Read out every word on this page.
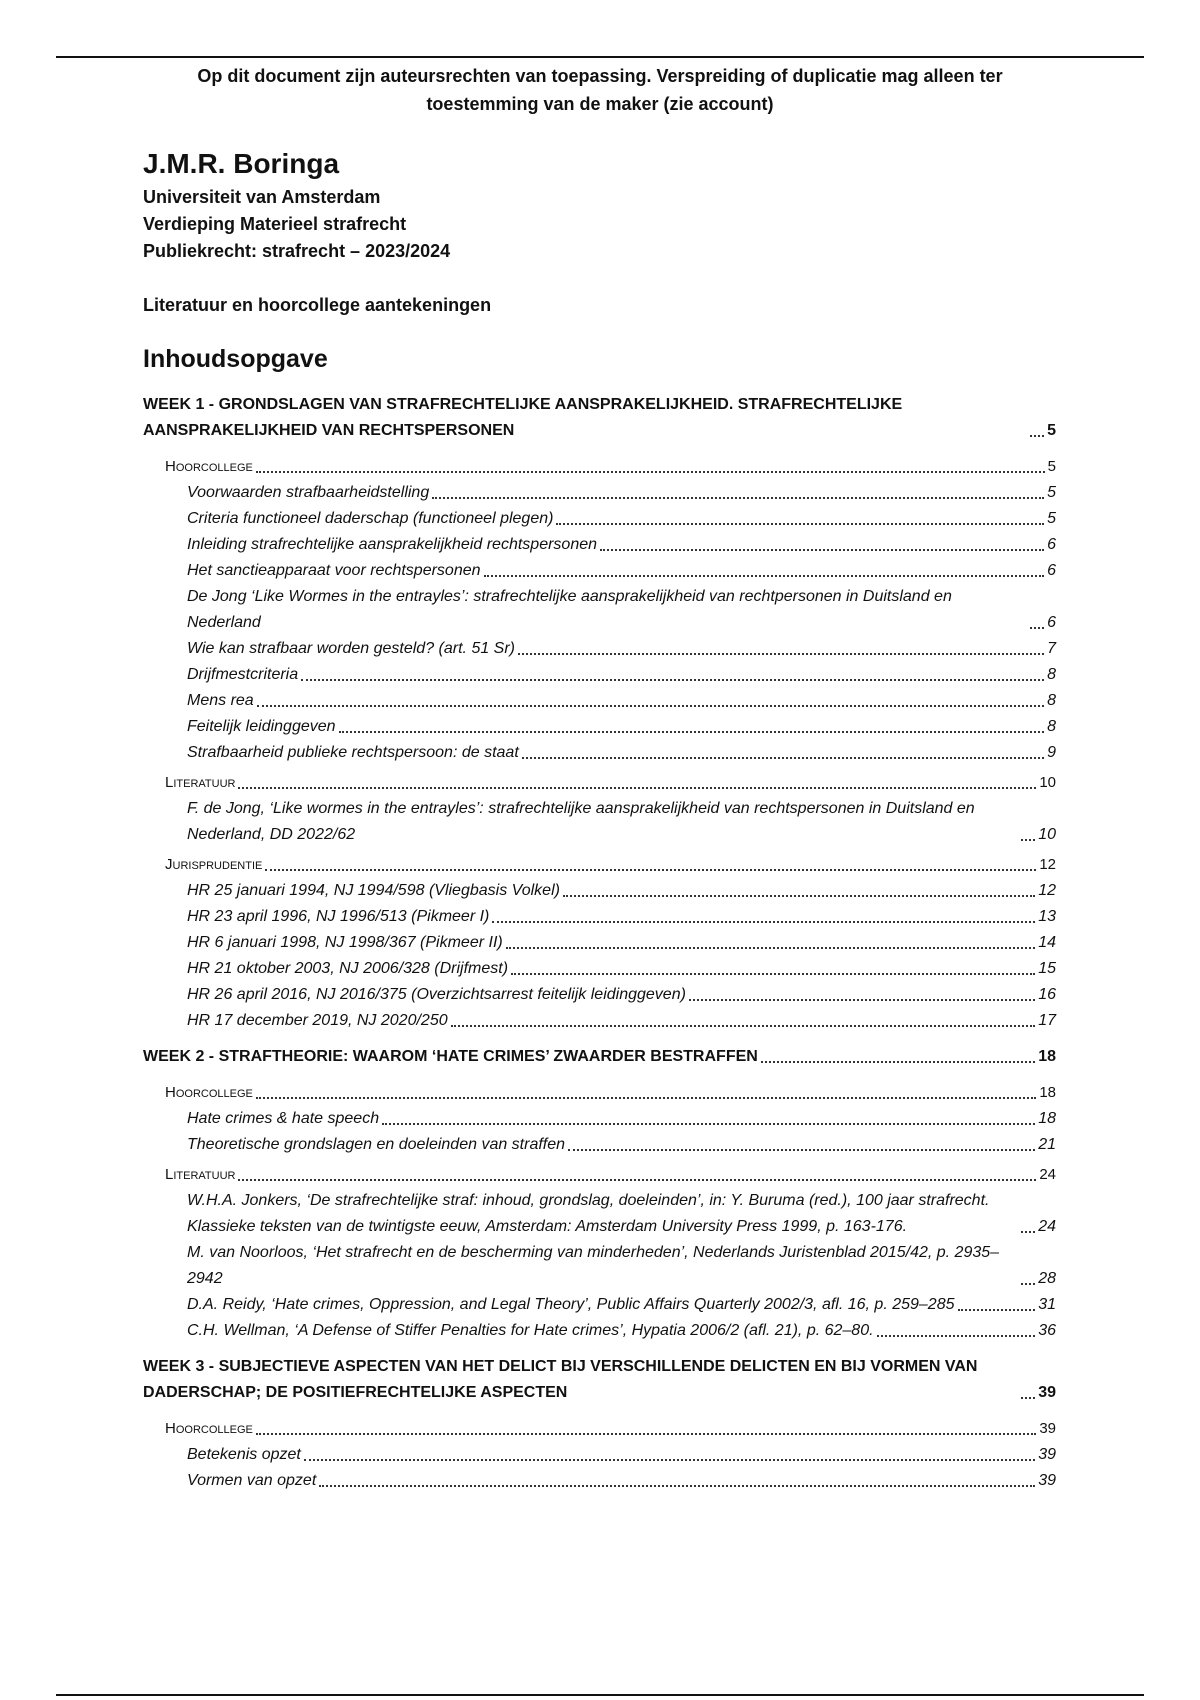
Op dit document zijn auteursrechten van toepassing. Verspreiding of duplicatie mag alleen ter toestemming van de maker (zie account)
J.M.R. Boringa
Universiteit van Amsterdam
Verdieping Materieel strafrecht
Publiekrecht: strafrecht – 2023/2024
Literatuur en hoorcollege aantekeningen
Inhoudsopgave
WEEK 1 - GRONDSLAGEN VAN STRAFRECHTELIJKE AANSPRAKELIJKHEID. STRAFRECHTELIJKE AANSPRAKELIJKHEID VAN RECHTSPERSONEN	5
Hoorcollege	5
Voorwaarden strafbaarheidstelling	5
Criteria functioneel daderschap (functioneel plegen)	5
Inleiding strafrechtelijke aansprakelijkheid rechtspersonen	6
Het sanctieapparaat voor rechtspersonen	6
De Jong ‘Like Wormes in the entrayles’: strafrechtelijke aansprakelijkheid van rechtpersonen in Duitsland en Nederland	6
Wie kan strafbaar worden gesteld? (art. 51 Sr)	7
Drijfmestcriteria	8
Mens rea	8
Feitelijk leidinggeven	8
Strafbaarheid publieke rechtspersoon: de staat	9
Literatuur	10
F. de Jong, ‘Like wormes in the entrayles’: strafrechtelijke aansprakelijkheid van rechtspersonen in Duitsland en Nederland, DD 2022/62	10
Jurisprudentie	12
HR 25 januari 1994, NJ 1994/598 (Vliegbasis Volkel)	12
HR 23 april 1996, NJ 1996/513 (Pikmeer I)	13
HR 6 januari 1998, NJ 1998/367 (Pikmeer II)	14
HR 21 oktober 2003, NJ 2006/328 (Drijfmest)	15
HR 26 april 2016, NJ 2016/375 (Overzichtsarrest feitelijk leidinggeven)	16
HR 17 december 2019, NJ 2020/250	17
WEEK 2 - STRAFTHEORIE: WAAROM ‘HATE CRIMES’ ZWAARDER BESTRAFFEN	18
Hoorcollege	18
Hate crimes & hate speech	18
Theoretische grondslagen en doeleinden van straffen	21
Literatuur	24
W.H.A. Jonkers, ‘De strafrechtelijke straf: inhoud, grondslag, doeleinden’, in: Y. Buruma (red.), 100 jaar strafrecht. Klassieke teksten van de twintigste eeuw, Amsterdam: Amsterdam University Press 1999, p. 163-176.	24
M. van Noorloos, ‘Het strafrecht en de bescherming van minderheden’, Nederlands Juristenblad 2015/42, p. 2935–2942	28
D.A. Reidy, ‘Hate crimes, Oppression, and Legal Theory’, Public Affairs Quarterly 2002/3, afl. 16, p. 259–285	31
C.H. Wellman, ‘A Defense of Stiffer Penalties for Hate crimes’, Hypatia 2006/2 (afl. 21), p. 62–80.	36
WEEK 3 - SUBJECTIEVE ASPECTEN VAN HET DELICT BIJ VERSCHILLENDE DELICTEN EN BIJ VORMEN VAN DADERSCHAP; DE POSITIEFRECHTELIJKE ASPECTEN	39
Hoorcollege	39
Betekenis opzet	39
Vormen van opzet	39
